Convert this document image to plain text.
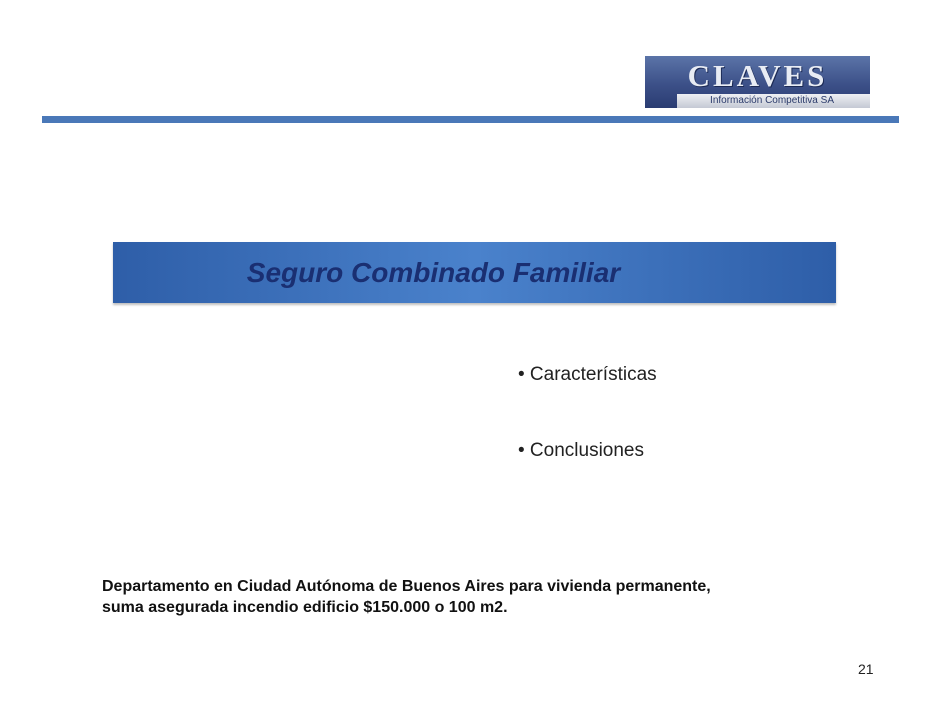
CLAVES
Información Competitiva SA
Seguro Combinado Familiar
• Características
• Conclusiones
Departamento en Ciudad Autónoma de Buenos Aires para vivienda permanente,
suma asegurada incendio edificio $150.000 o 100 m2.
21
